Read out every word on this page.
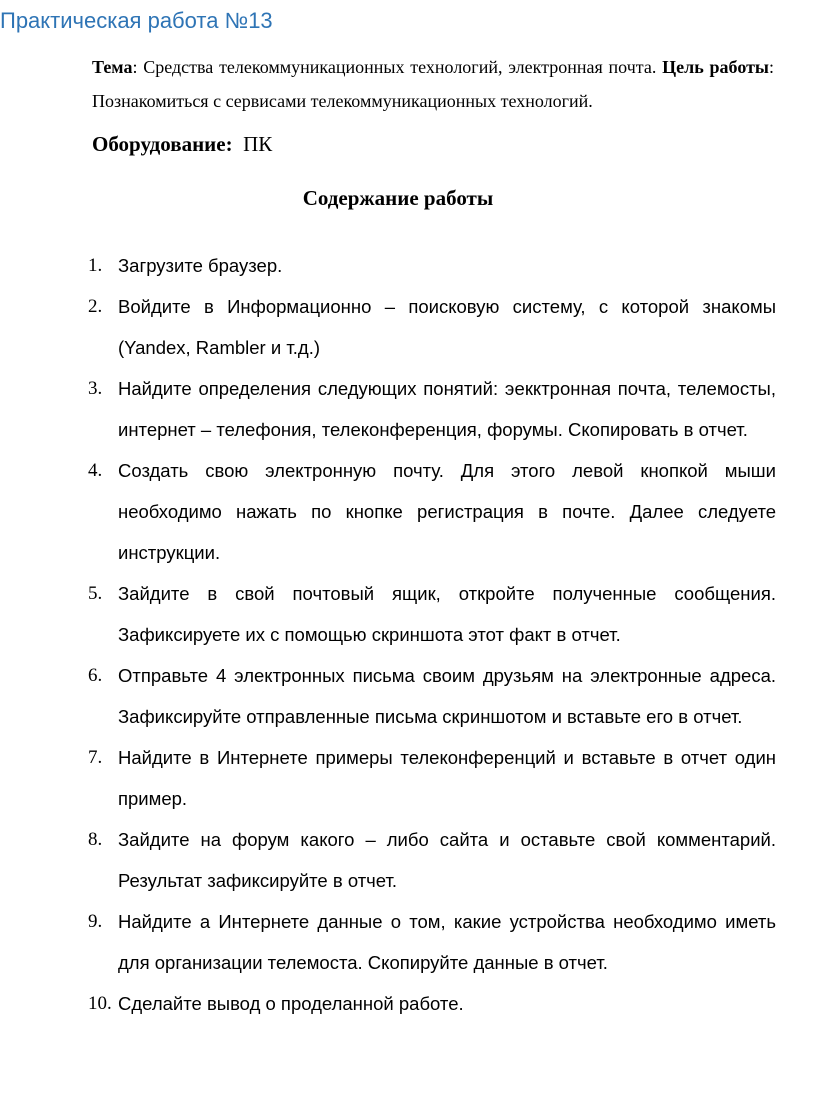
Практическая работа №13

Тема: Средства телекоммуникационных технологий, электронная почта. Цель работы: Познакомиться с сервисами телекоммуникационных технологий.

Оборудование: ПК

Содержание работы
1. Загрузите браузер.
2. Войдите в Информационно – поисковую систему, с которой знакомы (Yandex, Rambler и т.д.)
3. Найдите определения следующих понятий: эекктронная почта, телемосты, интернет – телефония, телеконференция, форумы. Скопировать в отчет.
4. Создать свою электронную почту. Для этого левой кнопкой мыши необходимо нажать по кнопке регистрация в почте. Далее следуете инструкции.
5. Зайдите в свой почтовый ящик, откройте полученные сообщения. Зафиксируете их с помощью скриншота этот факт в отчет.
6. Отправьте 4 электронных письма своим друзьям на электронные адреса. Зафиксируйте отправленные письма скриншотом и вставьте его в отчет.
7. Найдите в Интернете примеры телеконференций и вставьте в отчет один пример.
8. Зайдите на форум какого – либо сайта и оставьте свой комментарий. Результат зафиксируйте в отчет.
9. Найдите а Интернете данные о том, какие устройства необходимо иметь для организации телемоста. Скопируйте данные в отчет.
10. Сделайте вывод о проделанной работе.
